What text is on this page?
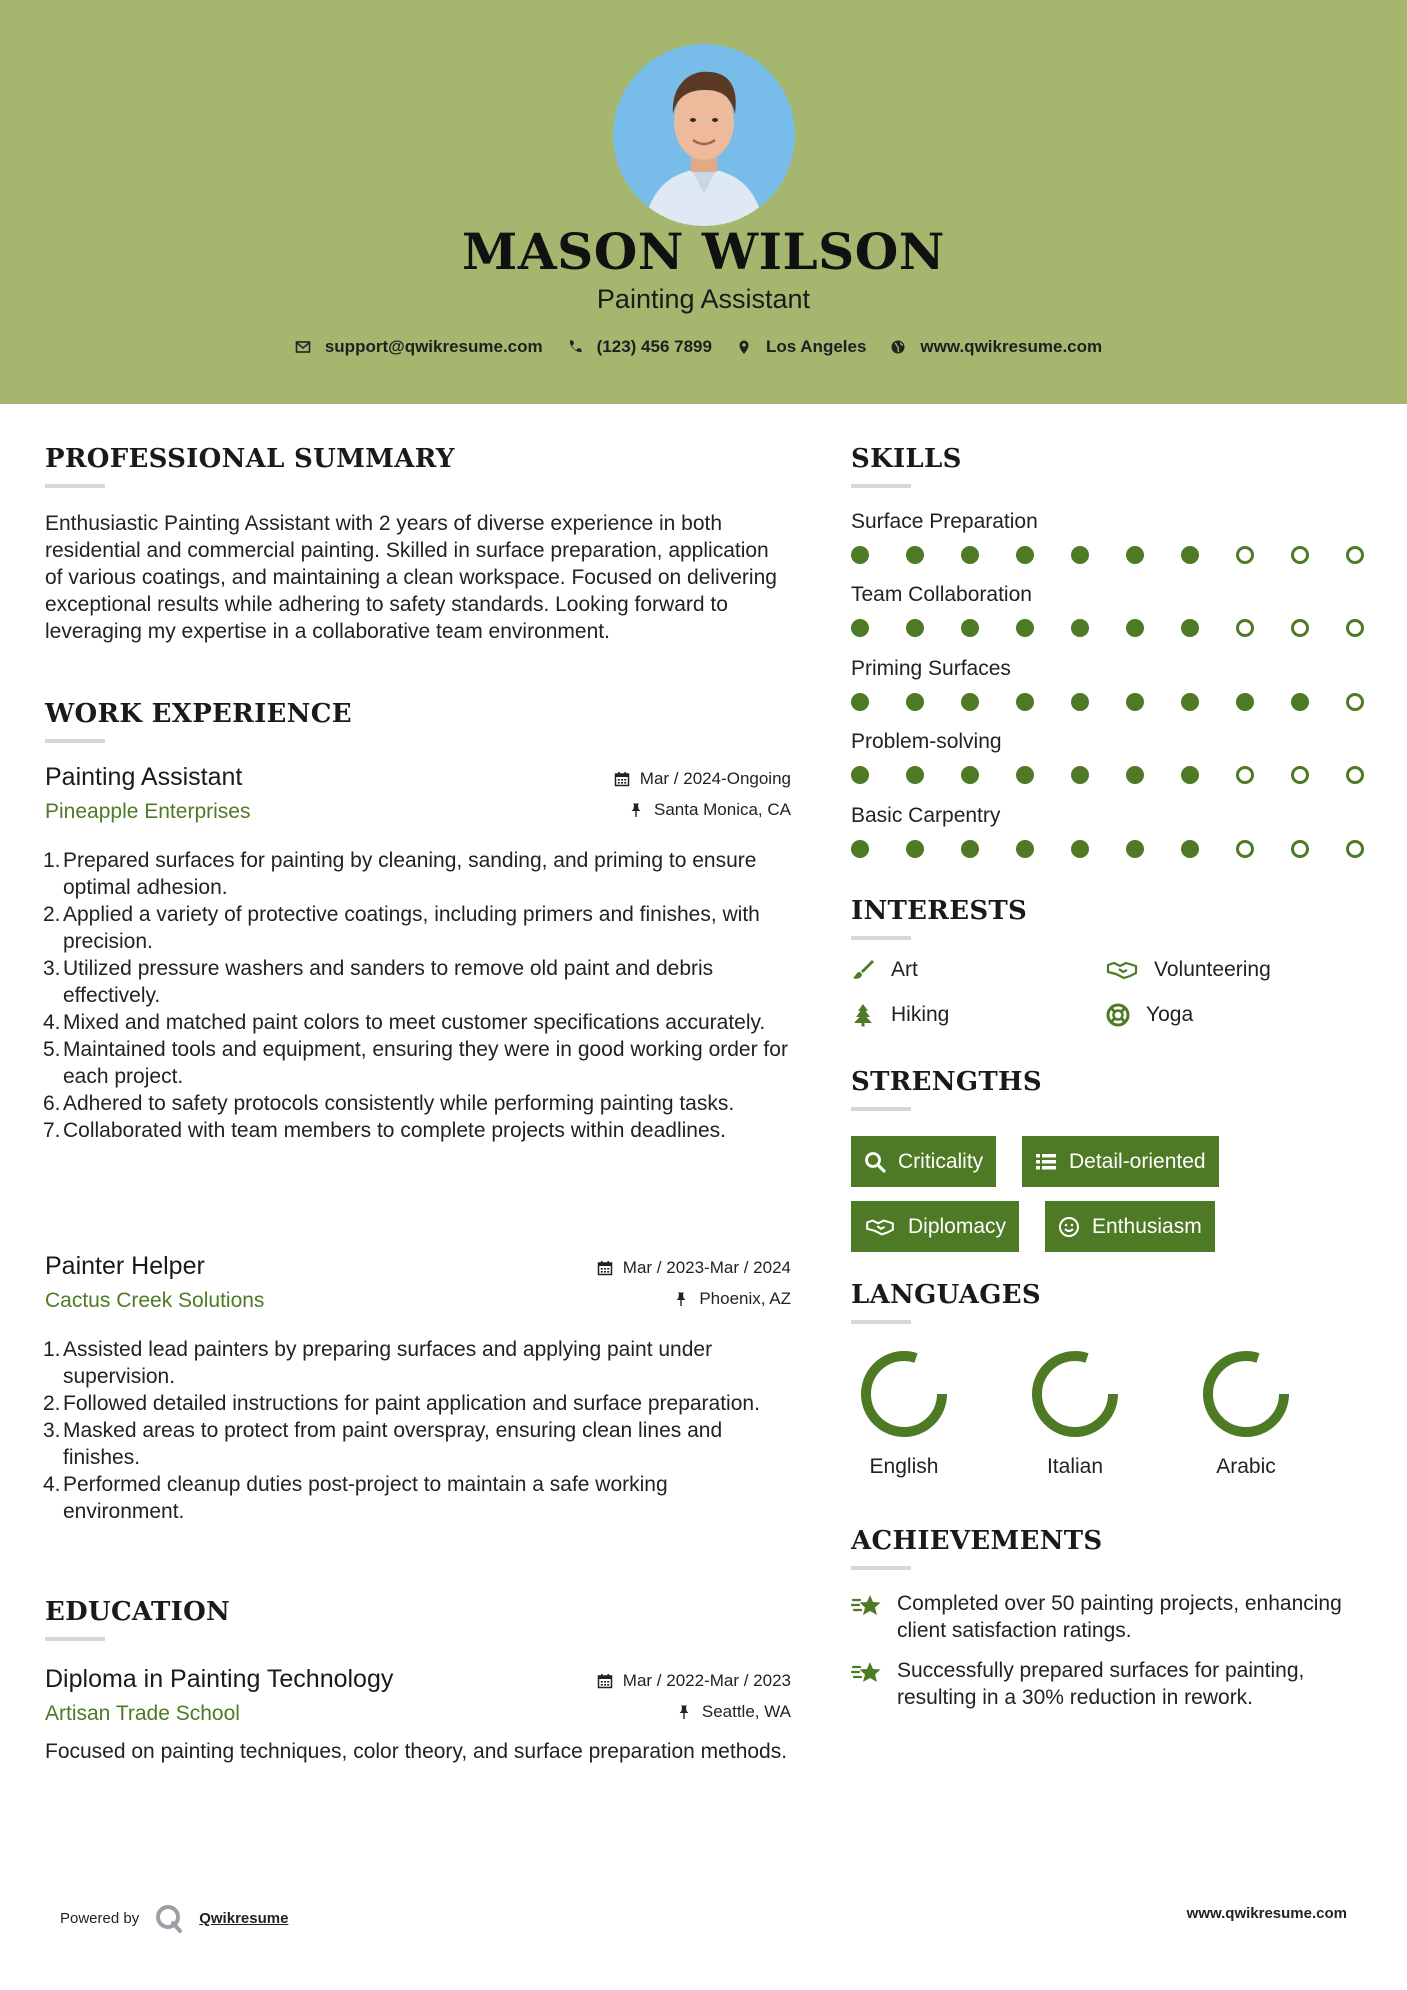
MASON WILSON
Painting Assistant
support@qwikresume.com	(123) 456 7899	Los Angeles	www.qwikresume.com
PROFESSIONAL SUMMARY
Enthusiastic Painting Assistant with 2 years of diverse experience in both residential and commercial painting. Skilled in surface preparation, application of various coatings, and maintaining a clean workspace. Focused on delivering exceptional results while adhering to safety standards. Looking forward to leveraging my expertise in a collaborative team environment.
WORK EXPERIENCE
Painting Assistant
Pineapple Enterprises
Mar / 2024-Ongoing
Santa Monica, CA
1. Prepared surfaces for painting by cleaning, sanding, and priming to ensure optimal adhesion.
2. Applied a variety of protective coatings, including primers and finishes, with precision.
3. Utilized pressure washers and sanders to remove old paint and debris effectively.
4. Mixed and matched paint colors to meet customer specifications accurately.
5. Maintained tools and equipment, ensuring they were in good working order for each project.
6. Adhered to safety protocols consistently while performing painting tasks.
7. Collaborated with team members to complete projects within deadlines.
Painter Helper
Cactus Creek Solutions
Mar / 2023-Mar / 2024
Phoenix, AZ
1. Assisted lead painters by preparing surfaces and applying paint under supervision.
2. Followed detailed instructions for paint application and surface preparation.
3. Masked areas to protect from paint overspray, ensuring clean lines and finishes.
4. Performed cleanup duties post-project to maintain a safe working environment.
EDUCATION
Diploma in Painting Technology
Artisan Trade School
Mar / 2022-Mar / 2023
Seattle, WA
Focused on painting techniques, color theory, and surface preparation methods.
SKILLS
Surface Preparation
Team Collaboration
Priming Surfaces
Problem-solving
Basic Carpentry
INTERESTS
Art	Volunteering
Hiking	Yoga
STRENGTHS
Criticality	Detail-oriented
Diplomacy	Enthusiasm
LANGUAGES
English	Italian	Arabic
ACHIEVEMENTS
Completed over 50 painting projects, enhancing client satisfaction ratings.
Successfully prepared surfaces for painting, resulting in a 30% reduction in rework.
Powered by	Qwikresume	www.qwikresume.com
